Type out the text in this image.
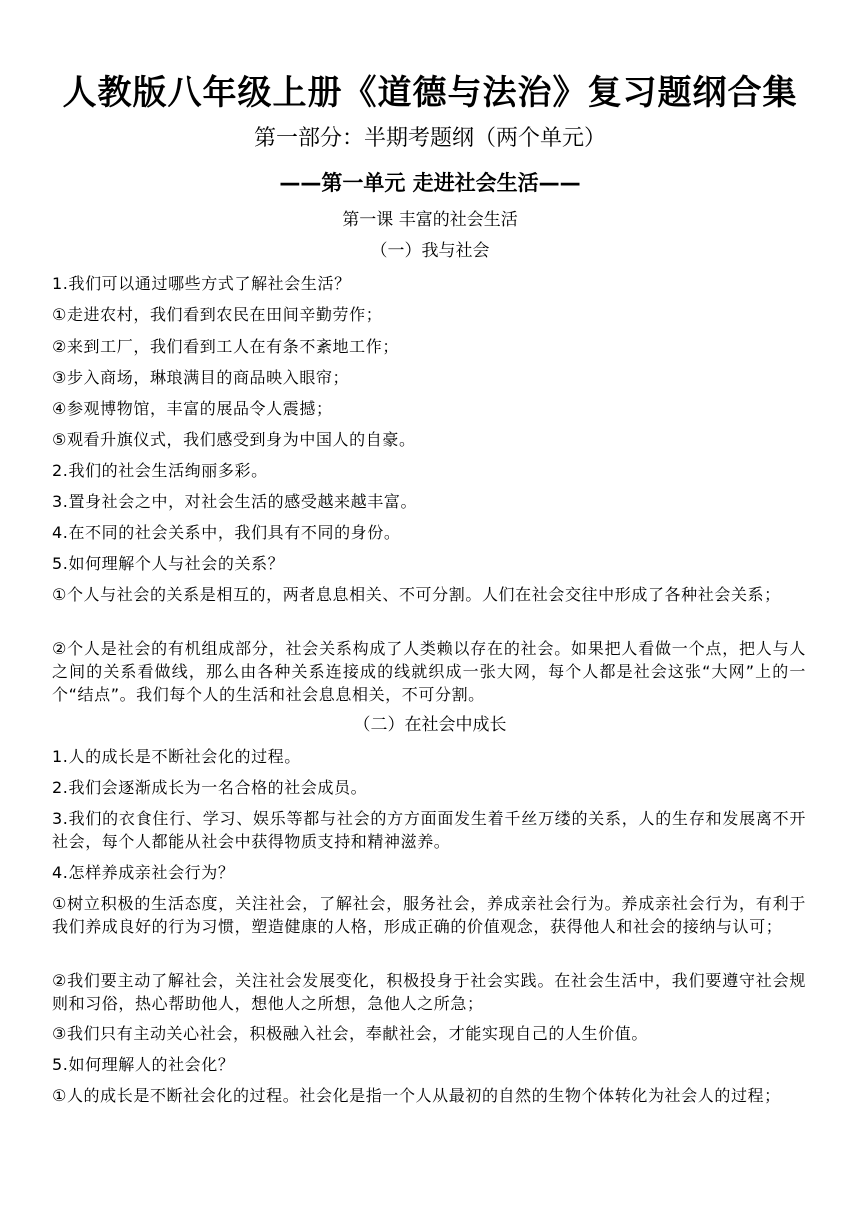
人教版八年级上册《道德与法治》复习题纲合集
第一部分：半期考题纲（两个单元）
——第一单元 走进社会生活——
第一课 丰富的社会生活
（一）我与社会
1.我们可以通过哪些方式了解社会生活？
①走进农村，我们看到农民在田间辛勤劳作；
②来到工厂，我们看到工人在有条不紊地工作；
③步入商场，琳琅满目的商品映入眼帘；
④参观博物馆，丰富的展品令人震撼；
⑤观看升旗仪式，我们感受到身为中国人的自豪。
2.我们的社会生活绚丽多彩。
3.置身社会之中，对社会生活的感受越来越丰富。
4.在不同的社会关系中，我们具有不同的身份。
5.如何理解个人与社会的关系？
①个人与社会的关系是相互的，两者息息相关、不可分割。人们在社会交往中形成了各种社会关系；
②个人是社会的有机组成部分，社会关系构成了人类赖以存在的社会。如果把人看做一个点，把人与人之间的关系看做线，那么由各种关系连接成的线就织成一张大网，每个人都是社会这张“大网”上的一个“结点”。我们每个人的生活和社会息息相关，不可分割。
（二）在社会中成长
1.人的成长是不断社会化的过程。
2.我们会逐渐成长为一名合格的社会成员。
3.我们的衣食住行、学习、娱乐等都与社会的方方面面发生着千丝万缕的关系，人的生存和发展离不开社会，每个人都能从社会中获得物质支持和精神滋养。
4.怎样养成亲社会行为？
①树立积极的生活态度，关注社会，了解社会，服务社会，养成亲社会行为。养成亲社会行为，有利于我们养成良好的行为习惯，塑造健康的人格，形成正确的价值观念，获得他人和社会的接纳与认可；
②我们要主动了解社会，关注社会发展变化，积极投身于社会实践。在社会生活中，我们要遵守社会规则和习俗，热心帮助他人，想他人之所想，急他人之所急；
③我们只有主动关心社会，积极融入社会，奉献社会，才能实现自己的人生价值。
5.如何理解人的社会化？
①人的成长是不断社会化的过程。社会化是指一个人从最初的自然的生物个体转化为社会人的过程；
